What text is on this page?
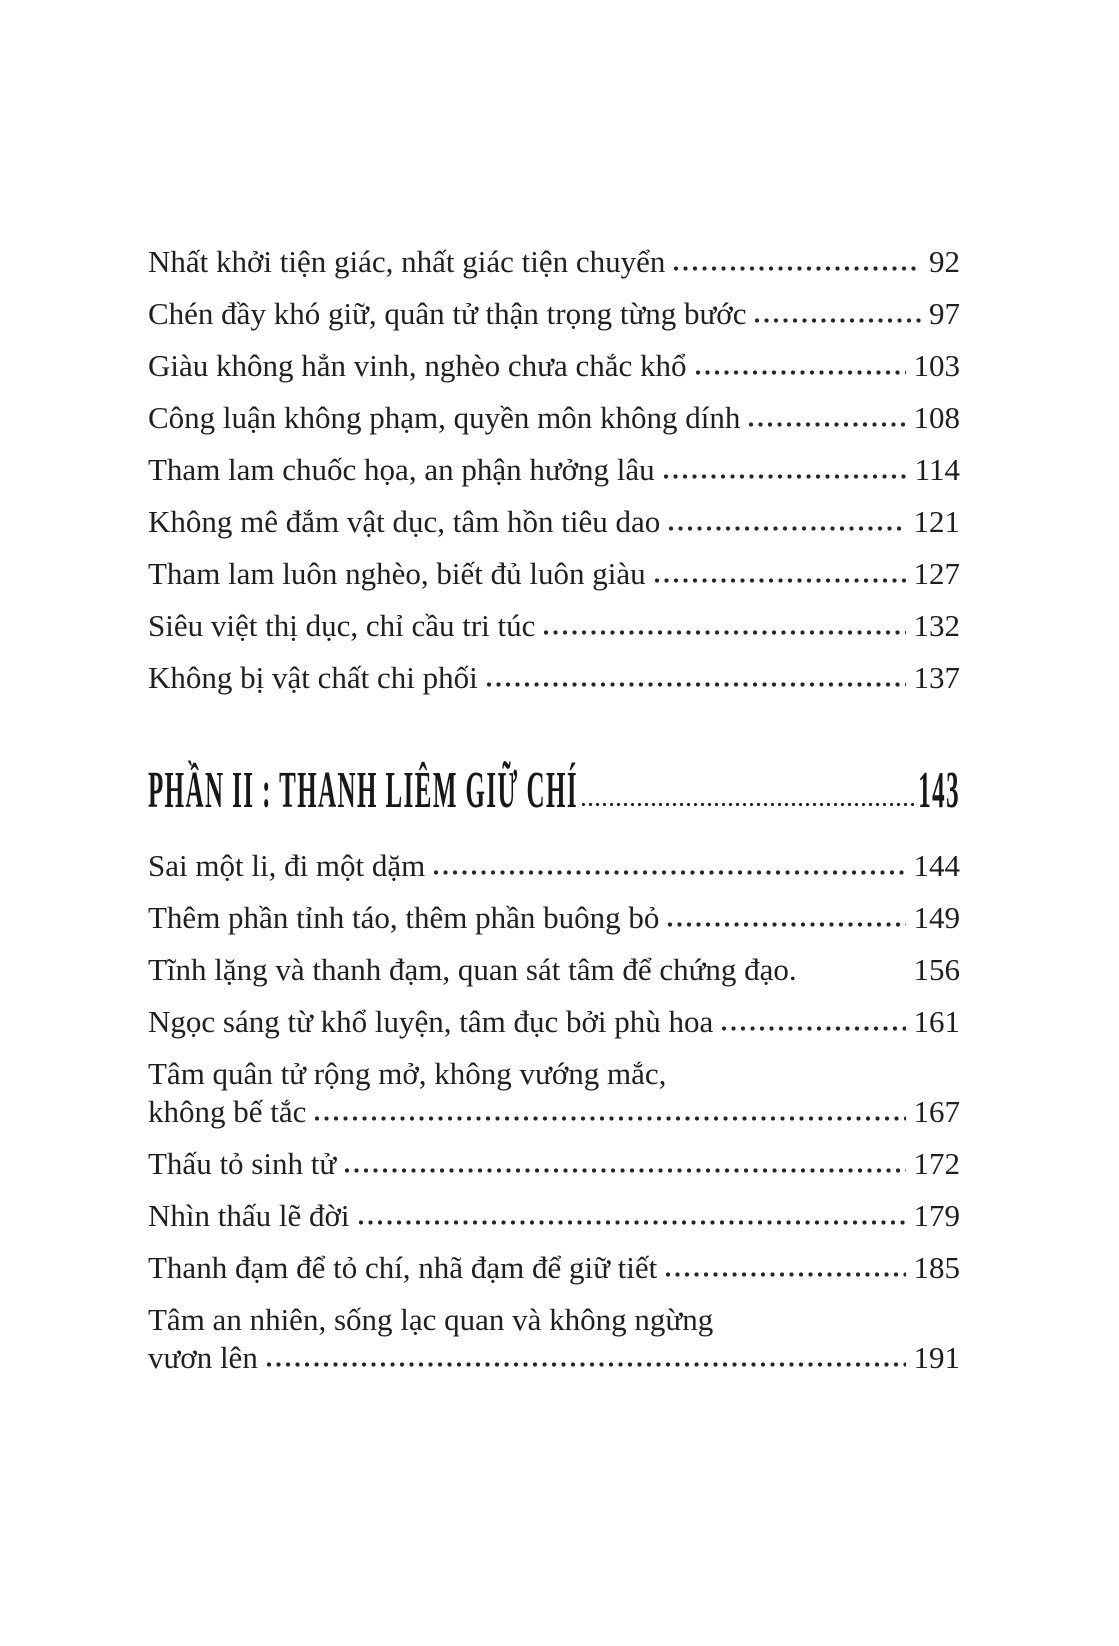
Nhất khởi tiện giác, nhất giác tiện chuyển	92
Chén đầy khó giữ, quân tử thận trọng từng bước	97
Giàu không hẳn vinh, nghèo chưa chắc khổ	103
Công luận không phạm, quyền môn không dính	108
Tham lam chuốc họa, an phận hưởng lâu	114
Không mê đắm vật dục, tâm hồn tiêu dao	121
Tham lam luôn nghèo, biết đủ luôn giàu	127
Siêu việt thị dục, chỉ cầu tri túc	132
Không bị vật chất chi phối	137
PHẦN II : THANH LIÊM GIỮ CHÍ	143
Sai một li, đi một dặm	144
Thêm phần tỉnh táo, thêm phần buông bỏ	149
Tĩnh lặng và thanh đạm, quan sát tâm để chứng đạo.	156
Ngọc sáng từ khổ luyện, tâm đục bởi phù hoa	161
Tâm quân tử rộng mở, không vướng mắc,
không bế tắc	167
Thấu tỏ sinh tử	172
Nhìn thấu lẽ đời	179
Thanh đạm để tỏ chí, nhã đạm để giữ tiết	185
Tâm an nhiên, sống lạc quan và không ngừng
vươn lên	191
